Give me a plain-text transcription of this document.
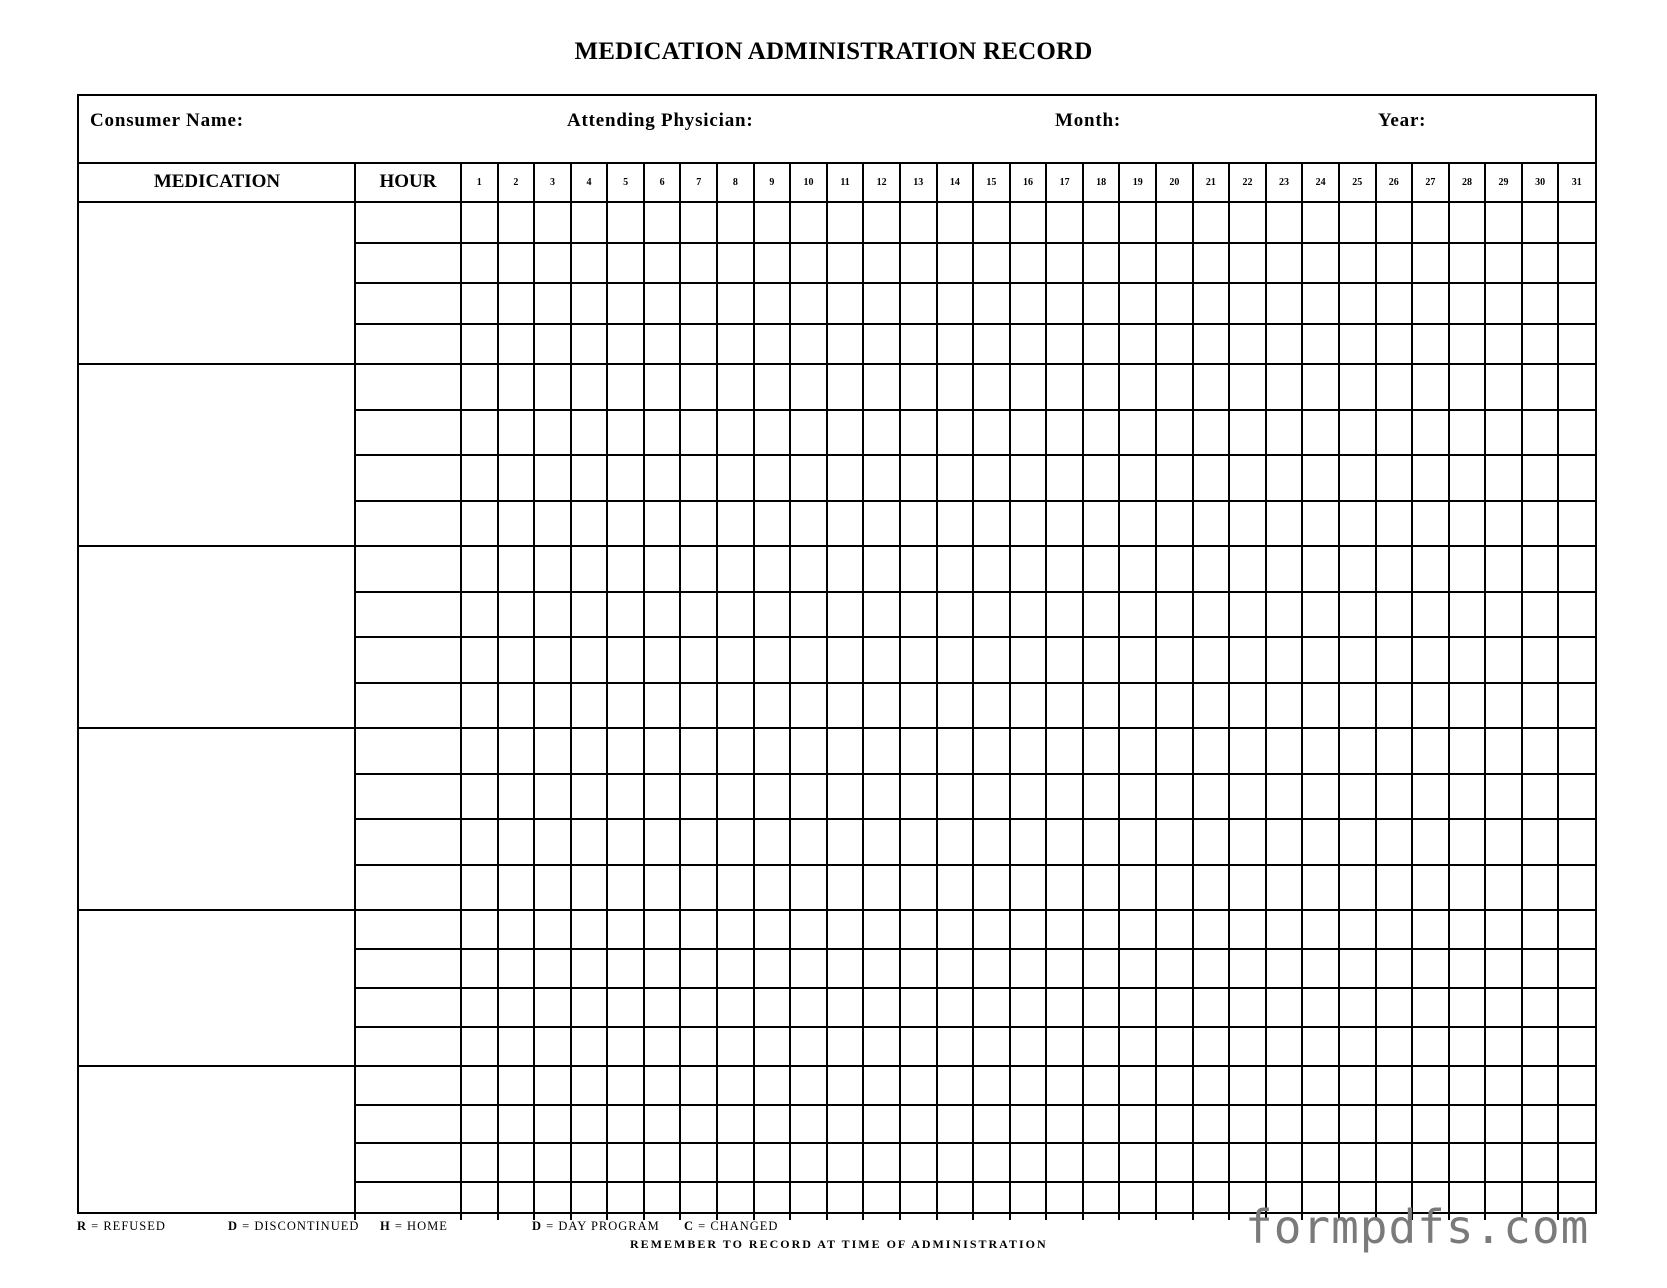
MEDICATION ADMINISTRATION RECORD
Consumer Name:	Attending Physician:	Month:	Year:
MEDICATION	HOUR	1	2	3	4	5	6	7	8	9	10	11	12	13	14	15	16	17	18	19	20	21	22	23	24	25	26	27	28	29	30	31
R = REFUSED	D = DISCONTINUED H = HOME	D = DAY PROGRAM C = CHANGED
REMEMBER TO RECORD AT TIME OF ADMINISTRATION	formpdfs.com
